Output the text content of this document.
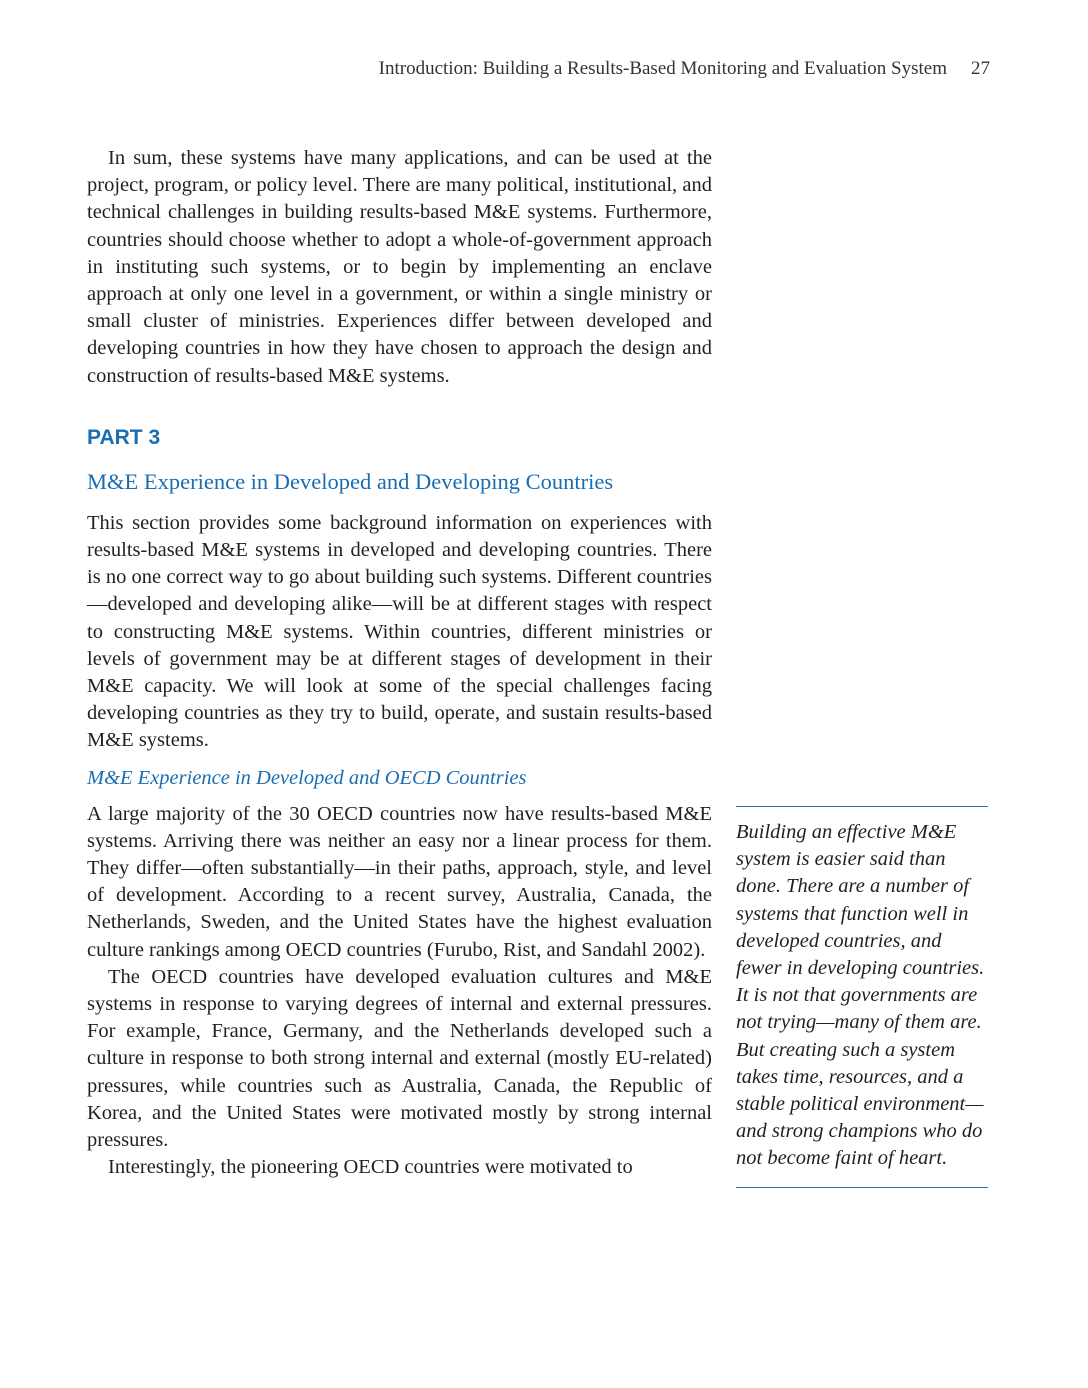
Introduction: Building a Results-Based Monitoring and Evaluation System 27

In sum, these systems have many applications, and can be used at the project, program, or policy level. There are many political, institutional, and technical challenges in building results-based M&E systems. Furthermore, countries should choose whether to adopt a whole-of-government approach in instituting such systems, or to begin by implementing an enclave approach at only one level in a government, or within a single ministry or small cluster of ministries. Experiences differ between developed and developing countries in how they have chosen to approach the design and construction of results-based M&E systems.

PART 3
M&E Experience in Developed and Developing Countries

This section provides some background information on experiences with results-based M&E systems in developed and developing countries. There is no one correct way to go about building such systems. Different countries—developed and developing alike—will be at different stages with respect to constructing M&E systems. Within countries, different ministries or levels of government may be at different stages of development in their M&E capacity. We will look at some of the special challenges facing developing countries as they try to build, operate, and sustain results-based M&E systems.

M&E Experience in Developed and OECD Countries

A large majority of the 30 OECD countries now have results-based M&E systems. Arriving there was neither an easy nor a linear process for them. They differ—often substantially—in their paths, approach, style, and level of development. According to a recent survey, Australia, Canada, the Netherlands, Sweden, and the United States have the highest evaluation culture rankings among OECD countries (Furubo, Rist, and Sandahl 2002).

The OECD countries have developed evaluation cultures and M&E systems in response to varying degrees of internal and external pressures. For example, France, Germany, and the Netherlands developed such a culture in response to both strong internal and external (mostly EU-related) pressures, while countries such as Australia, Canada, the Republic of Korea, and the United States were motivated mostly by strong internal pressures.

Interestingly, the pioneering OECD countries were motivated to

Building an effective M&E system is easier said than done. There are a number of systems that function well in developed countries, and fewer in developing countries. It is not that governments are not trying—many of them are. But creating such a system takes time, resources, and a stable political environment—and strong champions who do not become faint of heart.
